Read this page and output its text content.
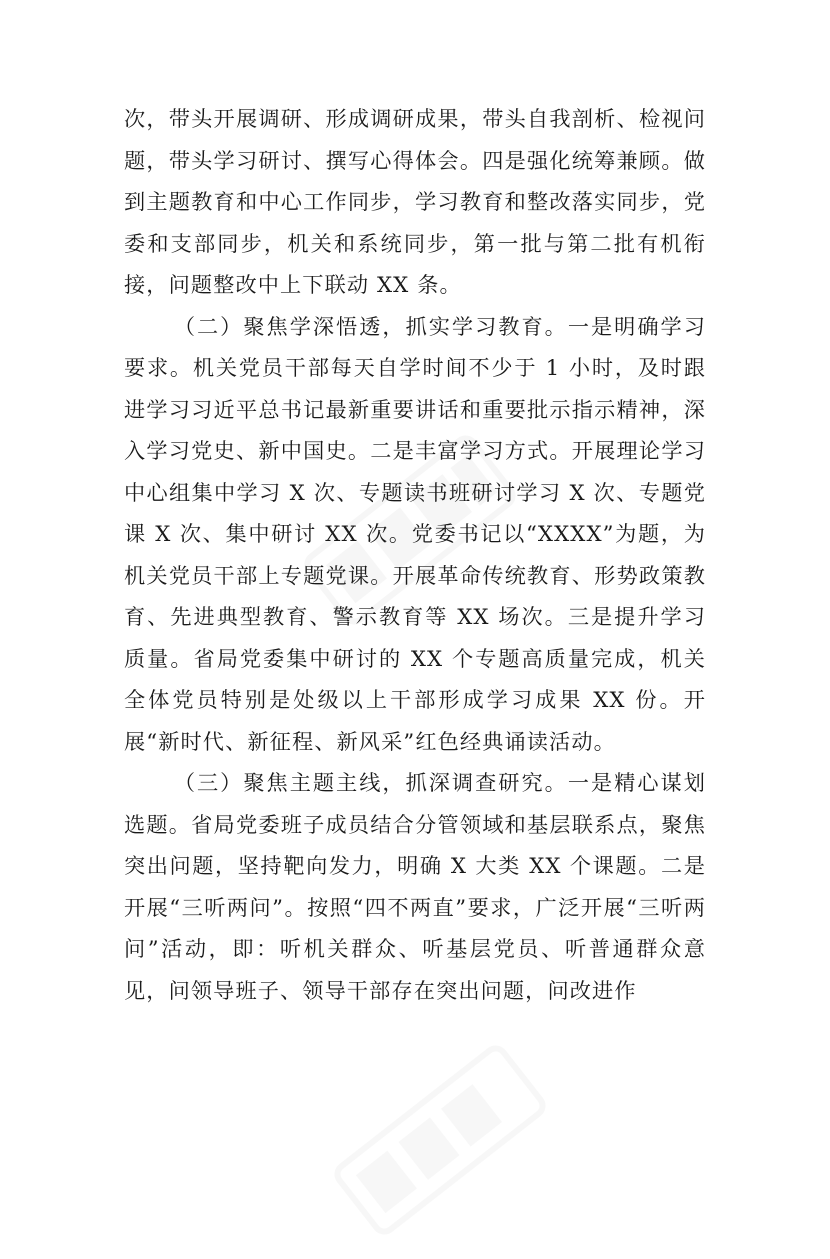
次，带头开展调研、形成调研成果，带头自我剖析、检视问题，带头学习研讨、撰写心得体会。四是强化统筹兼顾。做到主题教育和中心工作同步，学习教育和整改落实同步，党委和支部同步，机关和系统同步，第一批与第二批有机衔接，问题整改中上下联动 XX 条。

（二）聚焦学深悟透，抓实学习教育。一是明确学习要求。机关党员干部每天自学时间不少于 1 小时，及时跟进学习习近平总书记最新重要讲话和重要批示指示精神，深入学习党史、新中国史。二是丰富学习方式。开展理论学习中心组集中学习 X 次、专题读书班研讨学习 X 次、专题党课 X 次、集中研讨 XX 次。党委书记以“XXXX”为题，为机关党员干部上专题党课。开展革命传统教育、形势政策教育、先进典型教育、警示教育等 XX 场次。三是提升学习质量。省局党委集中研讨的 XX 个专题高质量完成，机关全体党员特别是处级以上干部形成学习成果 XX 份。开展“新时代、新征程、新风采”红色经典诵读活动。

（三）聚焦主题主线，抓深调查研究。一是精心谋划选题。省局党委班子成员结合分管领域和基层联系点，聚焦突出问题，坚持靶向发力，明确 X 大类 XX 个课题。二是开展“三听两问”。按照“四不两直”要求，广泛开展“三听两问”活动，即：听机关群众、听基层党员、听普通群众意见，问领导班子、领导干部存在突出问题，问改进作
